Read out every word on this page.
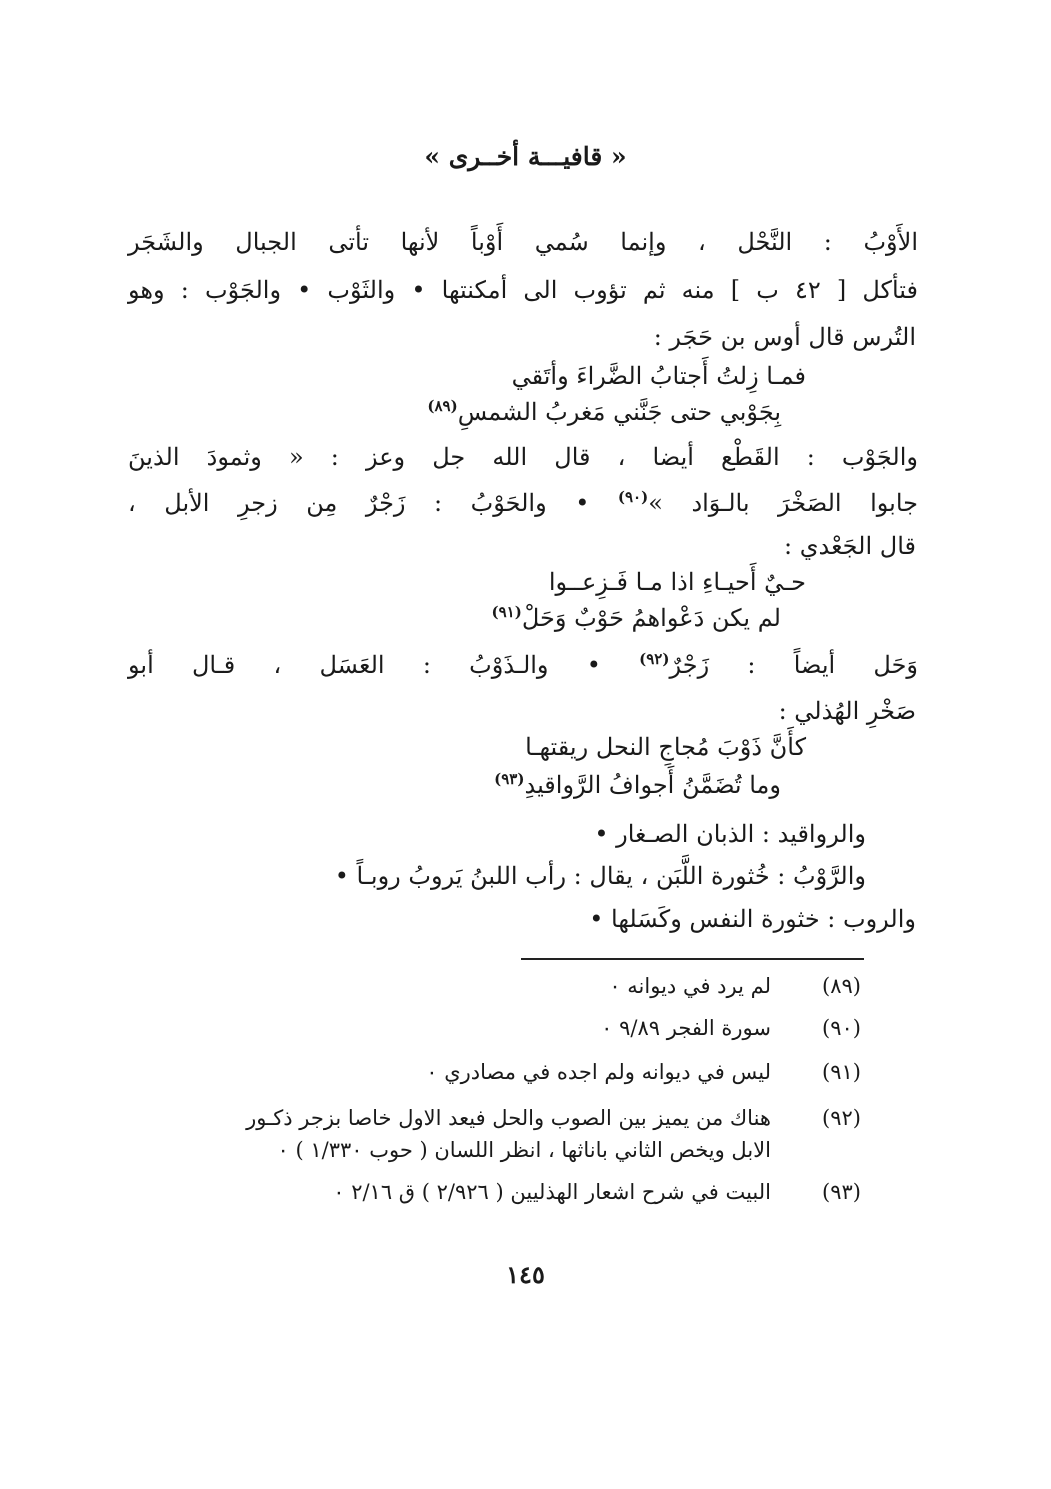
« قافيـــة أخــرى »
الأَوْبُ : النَّحْل ، وإنما سُمي أَوْباً لأنها تأتى الجبال والشَجَر
فتأكل [ ٤٢ ب ] منه ثم تؤوب الى أمكنتها • والثَوْب • والجَوْب : وهو
التُرس قال أوس بن حَجَر :
فمـا زِلتُ أَجتابُ الضَّراءَ وأتَقي
بِجَوْبي حتى جَنَّني مَغربُ الشمسِ$^{(٨٩)}$
والجَوْب : القَطْع أيضا ، قال الله جل وعز : « وثمودَ الذينَ
جابوا الصَخْرَ بالـوَاد »$^{(٩٠)}$ • والحَوْبُ : زَجْرٌ مِن زجرِ الأبل ،
قال الجَعْدي :
حـيٌ أَحيـاءِ اذا مـا فَـزِعــوا
لم يكن دَعْواهمُ حَوْبٌ وَحَلْ$^{(٩١)}$
وَحَل أيضاً : زَجْرٌ$^{(٩٢)}$ • والـذَوْبُ : العَسَل ، قـال أبو
صَخْرِ الهُذلي :
كأَنَّ ذَوْبَ مُجاجِ النحل ريقتهـا
وما تُضَمَّنُ أَجوافُ الرَّواقيدِ$^{(٩٣)}$
والرواقيد : الذبان الصـغار •
والرَّوْبُ : خُثورة اللَّبَن ، يقال : رأب اللبنُ يَروبُ روبـاً •
والروب : خثورة النفس وكَسَلها •
(٨٩)
لم يرد في ديوانه ٠
(٩٠)
سورة الفجر ٩/٨٩ ٠
(٩١)
ليس في ديوانه ولم اجده في مصادري ٠
(٩٢)
هناك من يميز بين الصوب والحل فيعد الاول خاصا بزجر ذكـور
الابل ويخص الثاني باناثها ، انظر اللسان ( حوب ١/٣٣٠ ) ٠
(٩٣)
البيت في شرح اشعار الهذليين ( ٢/٩٢٦ ) ق ٢/١٦ ٠
١٤٥
